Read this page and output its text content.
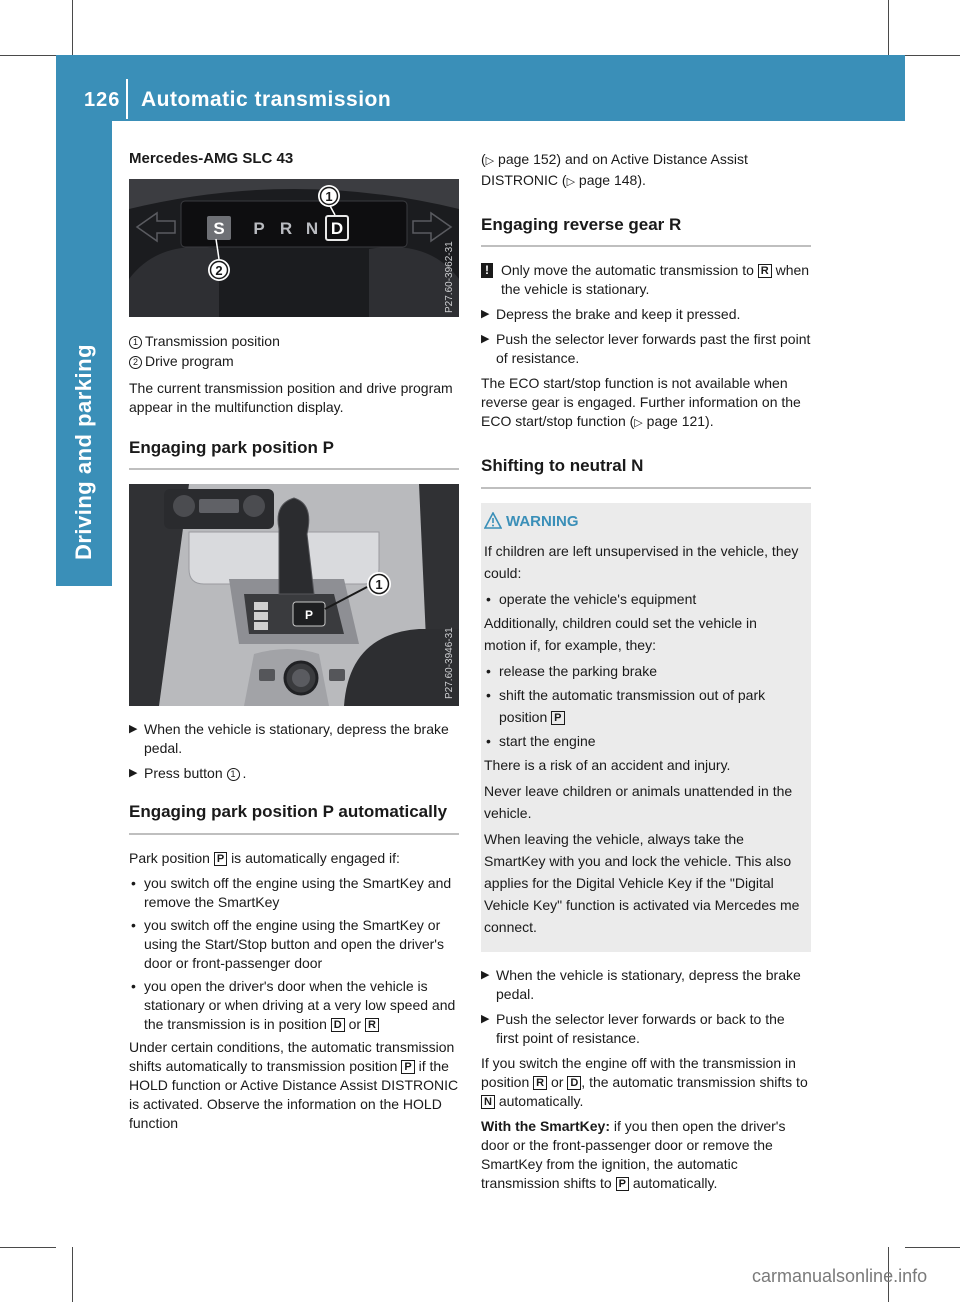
126 Automatic transmission
Driving and parking
Mercedes-AMG SLC 43
S P R N D
1
2	P27.60-3962-31
1 Transmission position
2 Drive program
The current transmission position and drive program appear in the multifunction display.
Engaging park position P
P
1
P27.60-3946-31
▶ When the vehicle is stationary, depress the brake pedal.
▶ Press button 1 .
Engaging park position P automatically
Park position P is automatically engaged if:
• you switch off the engine using the SmartKey and remove the SmartKey
• you switch off the engine using the SmartKey or using the Start/Stop button and open the driver's door or front-passenger door
• you open the driver's door when the vehicle is stationary or when driving at a very low speed and the transmission is in position D or R
Under certain conditions, the automatic transmission shifts automatically to transmission position P if the HOLD function or Active Distance Assist DISTRONIC is activated. Observe the information on the HOLD function
(▷ page 152) and on Active Distance Assist DISTRONIC (▷ page 148).
Engaging reverse gear R
! Only move the automatic transmission to R when the vehicle is stationary.
▶ Depress the brake and keep it pressed.
▶ Push the selector lever forwards past the first point of resistance.
The ECO start/stop function is not available when reverse gear is engaged. Further information on the ECO start/stop function (▷ page 121).
Shifting to neutral N
WARNING
If children are left unsupervised in the vehicle, they could:
• operate the vehicle's equipment
Additionally, children could set the vehicle in motion if, for example, they:
• release the parking brake
• shift the automatic transmission out of park position P
• start the engine
There is a risk of an accident and injury.
Never leave children or animals unattended in the vehicle.
When leaving the vehicle, always take the SmartKey with you and lock the vehicle. This also applies for the Digital Vehicle Key if the "Digital Vehicle Key" function is activated via Mercedes me connect.
▶ When the vehicle is stationary, depress the brake pedal.
▶ Push the selector lever forwards or back to the first point of resistance.
If you switch the engine off with the transmission in position R or D , the automatic transmission shifts to N automatically.
With the SmartKey: if you then open the driver's door or the front-passenger door or remove the SmartKey from the ignition, the automatic transmission shifts to P automatically.
carmanualsonline.info
